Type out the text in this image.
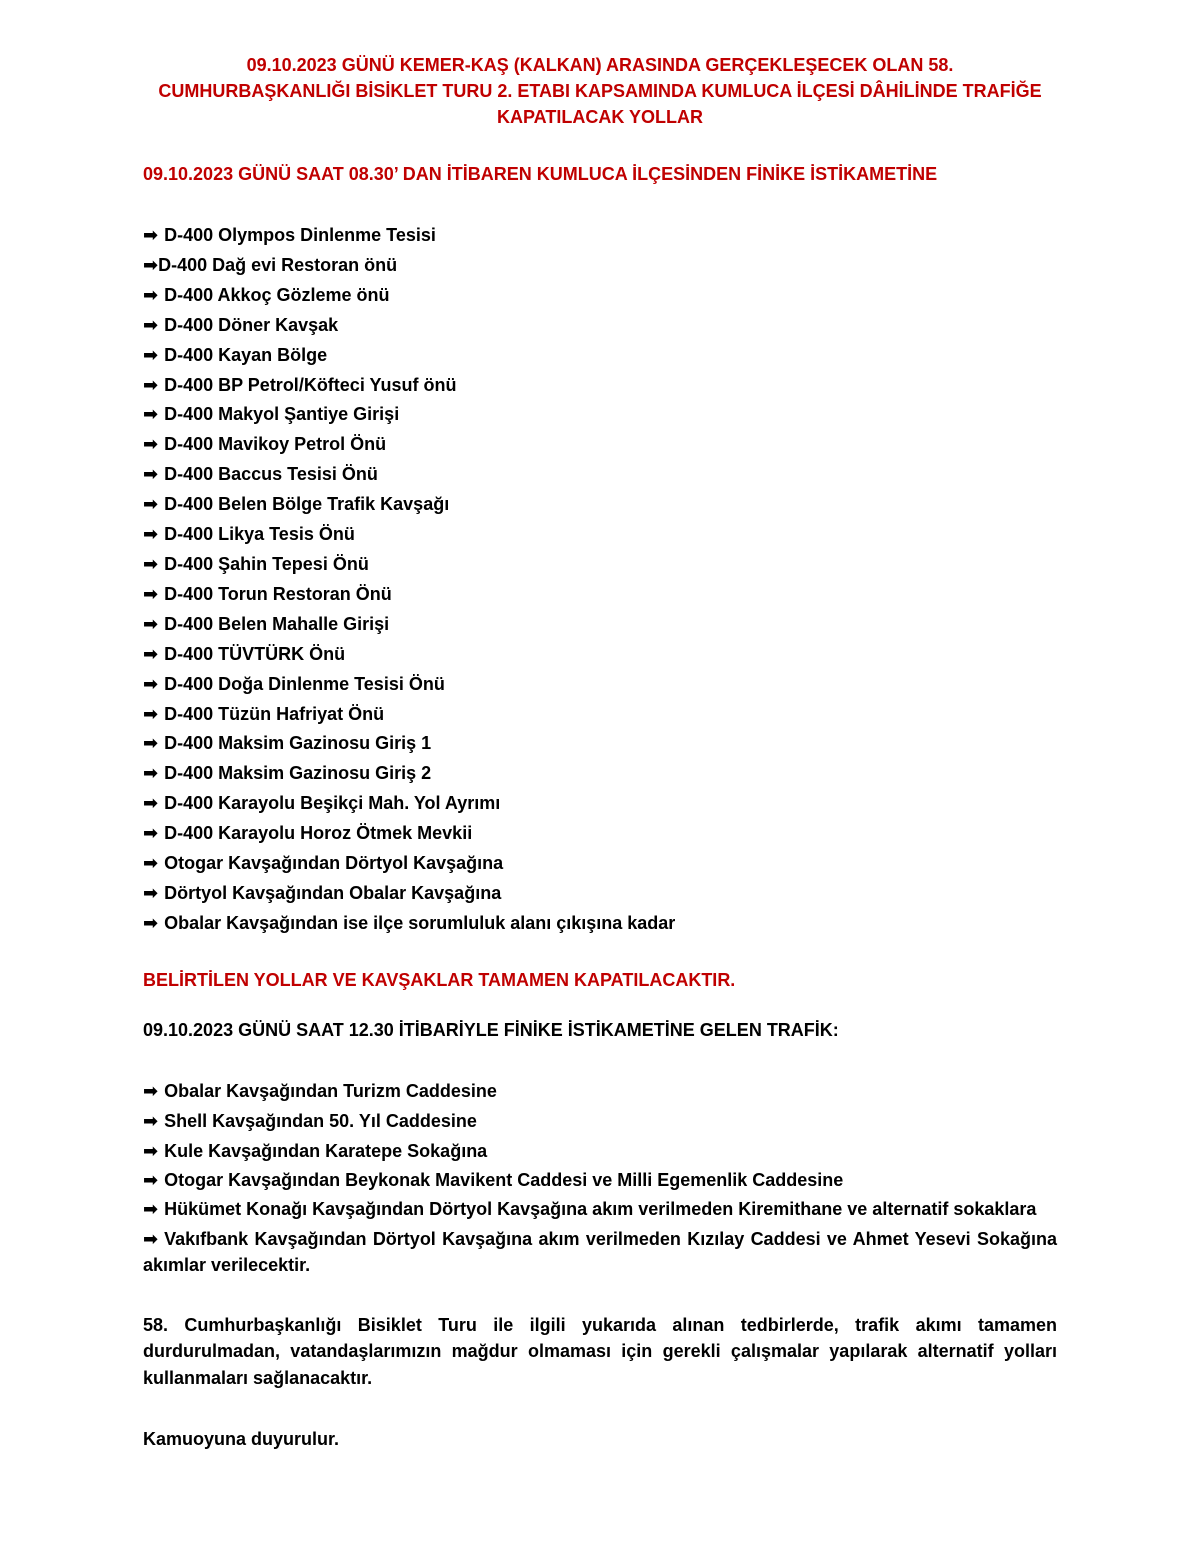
09.10.2023 GÜNÜ KEMER-KAŞ (KALKAN) ARASINDA GERÇEKLEŞECEK OLAN 58.
CUMHURBAŞKANLIĞI BİSİKLET TURU 2. ETABI KAPSAMINDA KUMLUCA İLÇESİ DÂHİLİNDE TRAFİĞE
KAPATILACAK YOLLAR

09.10.2023 GÜNÜ SAAT 08.30’ DAN İTİBAREN KUMLUCA İLÇESİNDEN FİNİKE İSTİKAMETİNE

➡ D-400 Olympos Dinlenme Tesisi
➡D-400 Dağ evi Restoran önü
➡ D-400 Akkoç Gözleme önü
➡ D-400 Döner Kavşak
➡ D-400 Kayan Bölge
➡ D-400 BP Petrol/Köfteci Yusuf önü
➡ D-400 Makyol Şantiye Girişi
➡ D-400 Mavikoy Petrol Önü
➡ D-400 Baccus Tesisi Önü
➡ D-400 Belen Bölge Trafik Kavşağı
➡ D-400 Likya Tesis Önü
➡ D-400 Şahin Tepesi Önü
➡ D-400 Torun Restoran Önü
➡ D-400 Belen Mahalle Girişi
➡ D-400 TÜVTÜRK Önü
➡ D-400 Doğa Dinlenme Tesisi Önü
➡ D-400 Tüzün Hafriyat Önü
➡ D-400 Maksim Gazinosu Giriş 1
➡ D-400 Maksim Gazinosu Giriş 2
➡ D-400 Karayolu Beşikçi Mah. Yol Ayrımı
➡ D-400 Karayolu Horoz Ötmek Mevkii
➡ Otogar Kavşağından Dörtyol Kavşağına
➡ Dörtyol Kavşağından Obalar Kavşağına
➡ Obalar Kavşağından ise ilçe sorumluluk alanı çıkışına kadar

BELİRTİLEN YOLLAR VE KAVŞAKLAR TAMAMEN KAPATILACAKTIR.

09.10.2023 GÜNÜ SAAT 12.30 İTİBARİYLE FİNİKE İSTİKAMETİNE GELEN TRAFİK:

➡ Obalar Kavşağından Turizm Caddesine
➡ Shell Kavşağından 50. Yıl Caddesine
➡ Kule Kavşağından Karatepe Sokağına
➡ Otogar Kavşağından Beykonak Mavikent Caddesi ve Milli Egemenlik Caddesine
➡ Hükümet Konağı Kavşağından Dörtyol Kavşağına akım verilmeden Kiremithane ve alternatif sokaklara
➡ Vakıfbank Kavşağından Dörtyol Kavşağına akım verilmeden Kızılay Caddesi ve Ahmet Yesevi Sokağına akımlar verilecektir.

58. Cumhurbaşkanlığı Bisiklet Turu ile ilgili yukarıda alınan tedbirlerde, trafik akımı tamamen durdurulmadan, vatandaşlarımızın mağdur olmaması için gerekli çalışmalar yapılarak alternatif yolları kullanmaları sağlanacaktır.

Kamuoyuna duyurulur.
